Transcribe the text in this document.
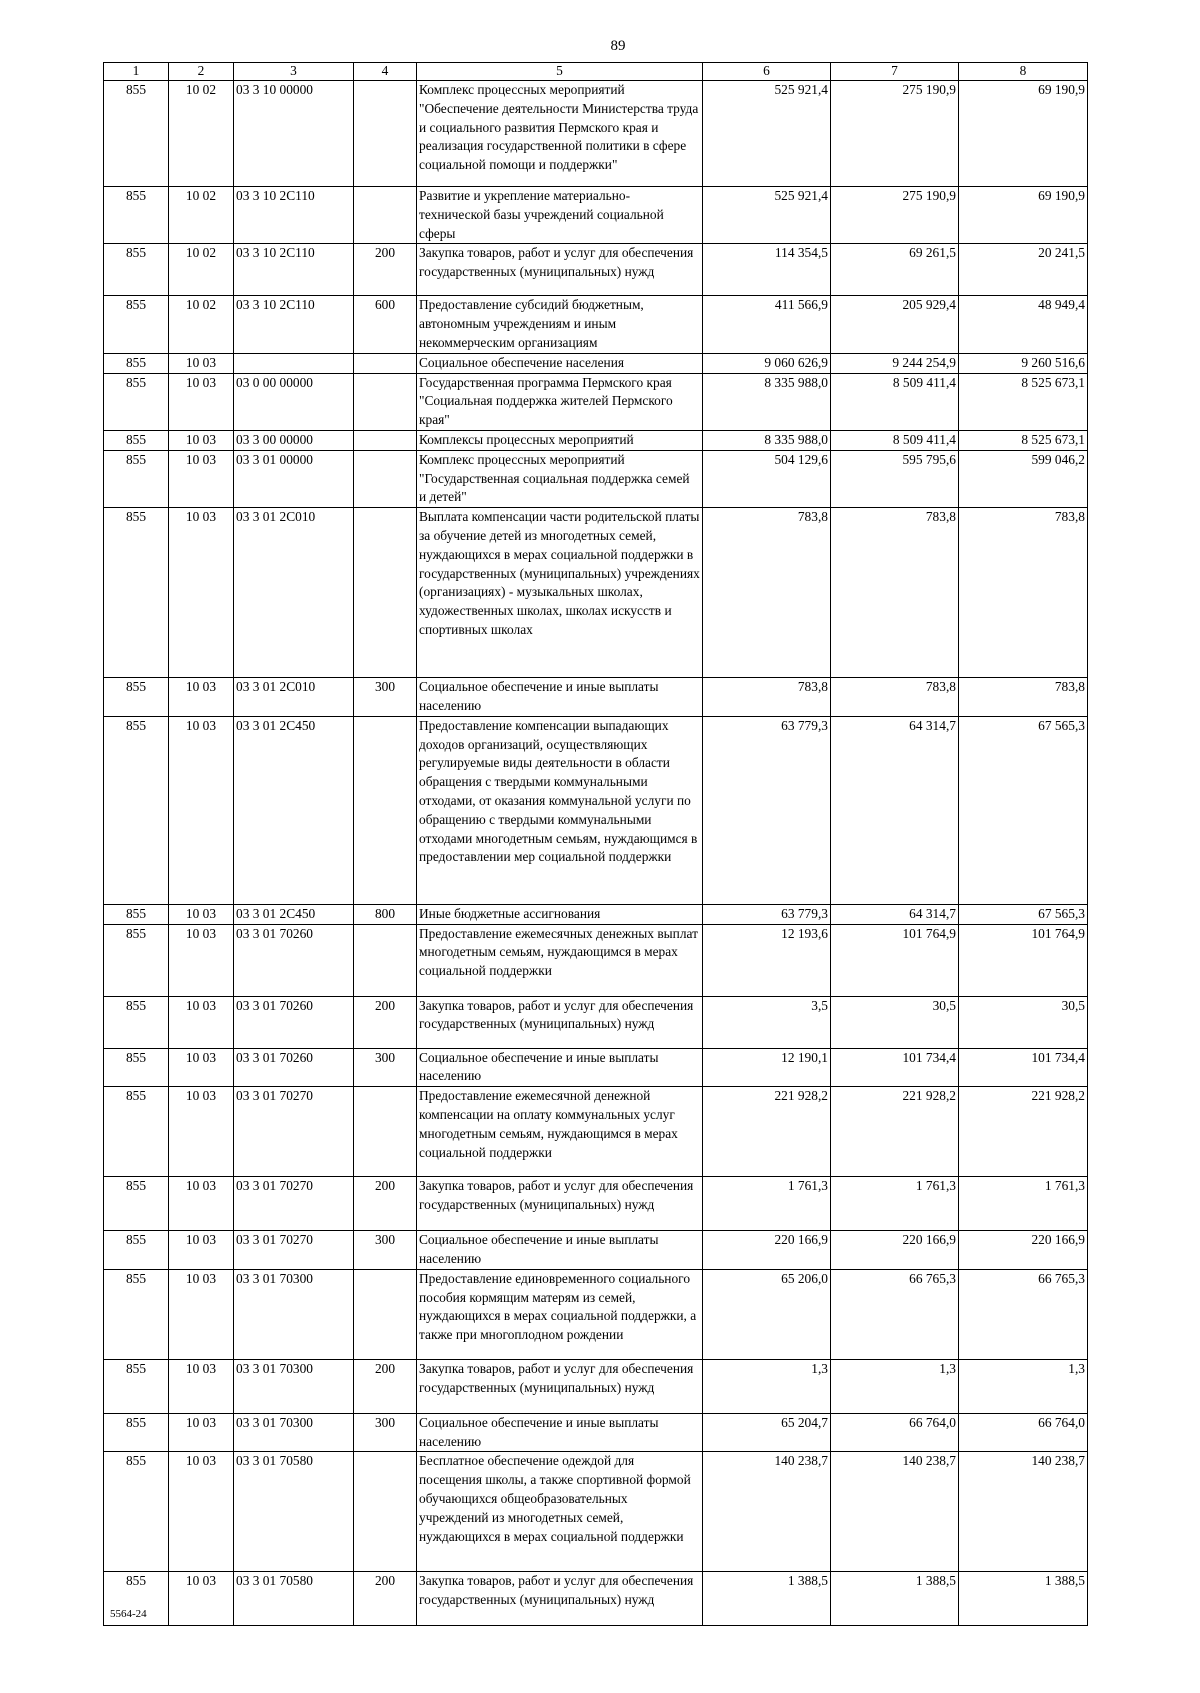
89
1	2	3	4	5	6	7	8
855	10 02	03 3 10 00000		Комплекс процессных мероприятий "Обеспечение деятельности Министерства труда и социального развития Пермского края и реализация государственной политики в сфере социальной помощи и поддержки"	525 921,4	275 190,9	69 190,9
855	10 02	03 3 10 2С110		Развитие и укрепление материально-технической базы учреждений социальной сферы	525 921,4	275 190,9	69 190,9
855	10 02	03 3 10 2С110	200	Закупка товаров, работ и услуг для обеспечения государственных (муниципальных) нужд	114 354,5	69 261,5	20 241,5
855	10 02	03 3 10 2С110	600	Предоставление субсидий бюджетным, автономным учреждениям и иным некоммерческим организациям	411 566,9	205 929,4	48 949,4
855	10 03			Социальное обеспечение населения	9 060 626,9	9 244 254,9	9 260 516,6
855	10 03	03 0 00 00000		Государственная программа Пермского края "Социальная поддержка жителей Пермского края"	8 335 988,0	8 509 411,4	8 525 673,1
855	10 03	03 3 00 00000		Комплексы процессных мероприятий	8 335 988,0	8 509 411,4	8 525 673,1
855	10 03	03 3 01 00000		Комплекс процессных мероприятий "Государственная социальная поддержка семей и детей"	504 129,6	595 795,6	599 046,2
855	10 03	03 3 01 2С010		Выплата компенсации части родительской платы за обучение детей из многодетных семей, нуждающихся в мерах социальной поддержки в государственных (муниципальных) учреждениях (организациях) - музыкальных школах, художественных школах, школах искусств и спортивных школах	783,8	783,8	783,8
855	10 03	03 3 01 2С010	300	Социальное обеспечение и иные выплаты населению	783,8	783,8	783,8
855	10 03	03 3 01 2С450		Предоставление компенсации выпадающих доходов организаций, осуществляющих регулируемые виды деятельности в области обращения с твердыми коммунальными отходами, от оказания коммунальной услуги по обращению с твердыми коммунальными отходами многодетным семьям, нуждающимся в предоставлении мер социальной поддержки	63 779,3	64 314,7	67 565,3
855	10 03	03 3 01 2С450	800	Иные бюджетные ассигнования	63 779,3	64 314,7	67 565,3
855	10 03	03 3 01 70260		Предоставление ежемесячных денежных выплат многодетным семьям, нуждающимся в мерах социальной поддержки	12 193,6	101 764,9	101 764,9
855	10 03	03 3 01 70260	200	Закупка товаров, работ и услуг для обеспечения государственных (муниципальных) нужд	3,5	30,5	30,5
855	10 03	03 3 01 70260	300	Социальное обеспечение и иные выплаты населению	12 190,1	101 734,4	101 734,4
855	10 03	03 3 01 70270		Предоставление ежемесячной денежной компенсации на оплату коммунальных услуг многодетным семьям, нуждающимся в мерах социальной поддержки	221 928,2	221 928,2	221 928,2
855	10 03	03 3 01 70270	200	Закупка товаров, работ и услуг для обеспечения государственных (муниципальных) нужд	1 761,3	1 761,3	1 761,3
855	10 03	03 3 01 70270	300	Социальное обеспечение и иные выплаты населению	220 166,9	220 166,9	220 166,9
855	10 03	03 3 01 70300		Предоставление единовременного социального пособия кормящим матерям из семей, нуждающихся в мерах социальной поддержки, а также при многоплодном рождении	65 206,0	66 765,3	66 765,3
855	10 03	03 3 01 70300	200	Закупка товаров, работ и услуг для обеспечения государственных (муниципальных) нужд	1,3	1,3	1,3
855	10 03	03 3 01 70300	300	Социальное обеспечение и иные выплаты населению	65 204,7	66 764,0	66 764,0
855	10 03	03 3 01 70580		Бесплатное обеспечение одеждой для посещения школы, а также спортивной формой обучающихся общеобразовательных учреждений из многодетных семей, нуждающихся в мерах социальной поддержки	140 238,7	140 238,7	140 238,7
855	10 03	03 3 01 70580	200	Закупка товаров, работ и услуг для обеспечения государственных (муниципальных) нужд	1 388,5	1 388,5	1 388,5
5564-24
